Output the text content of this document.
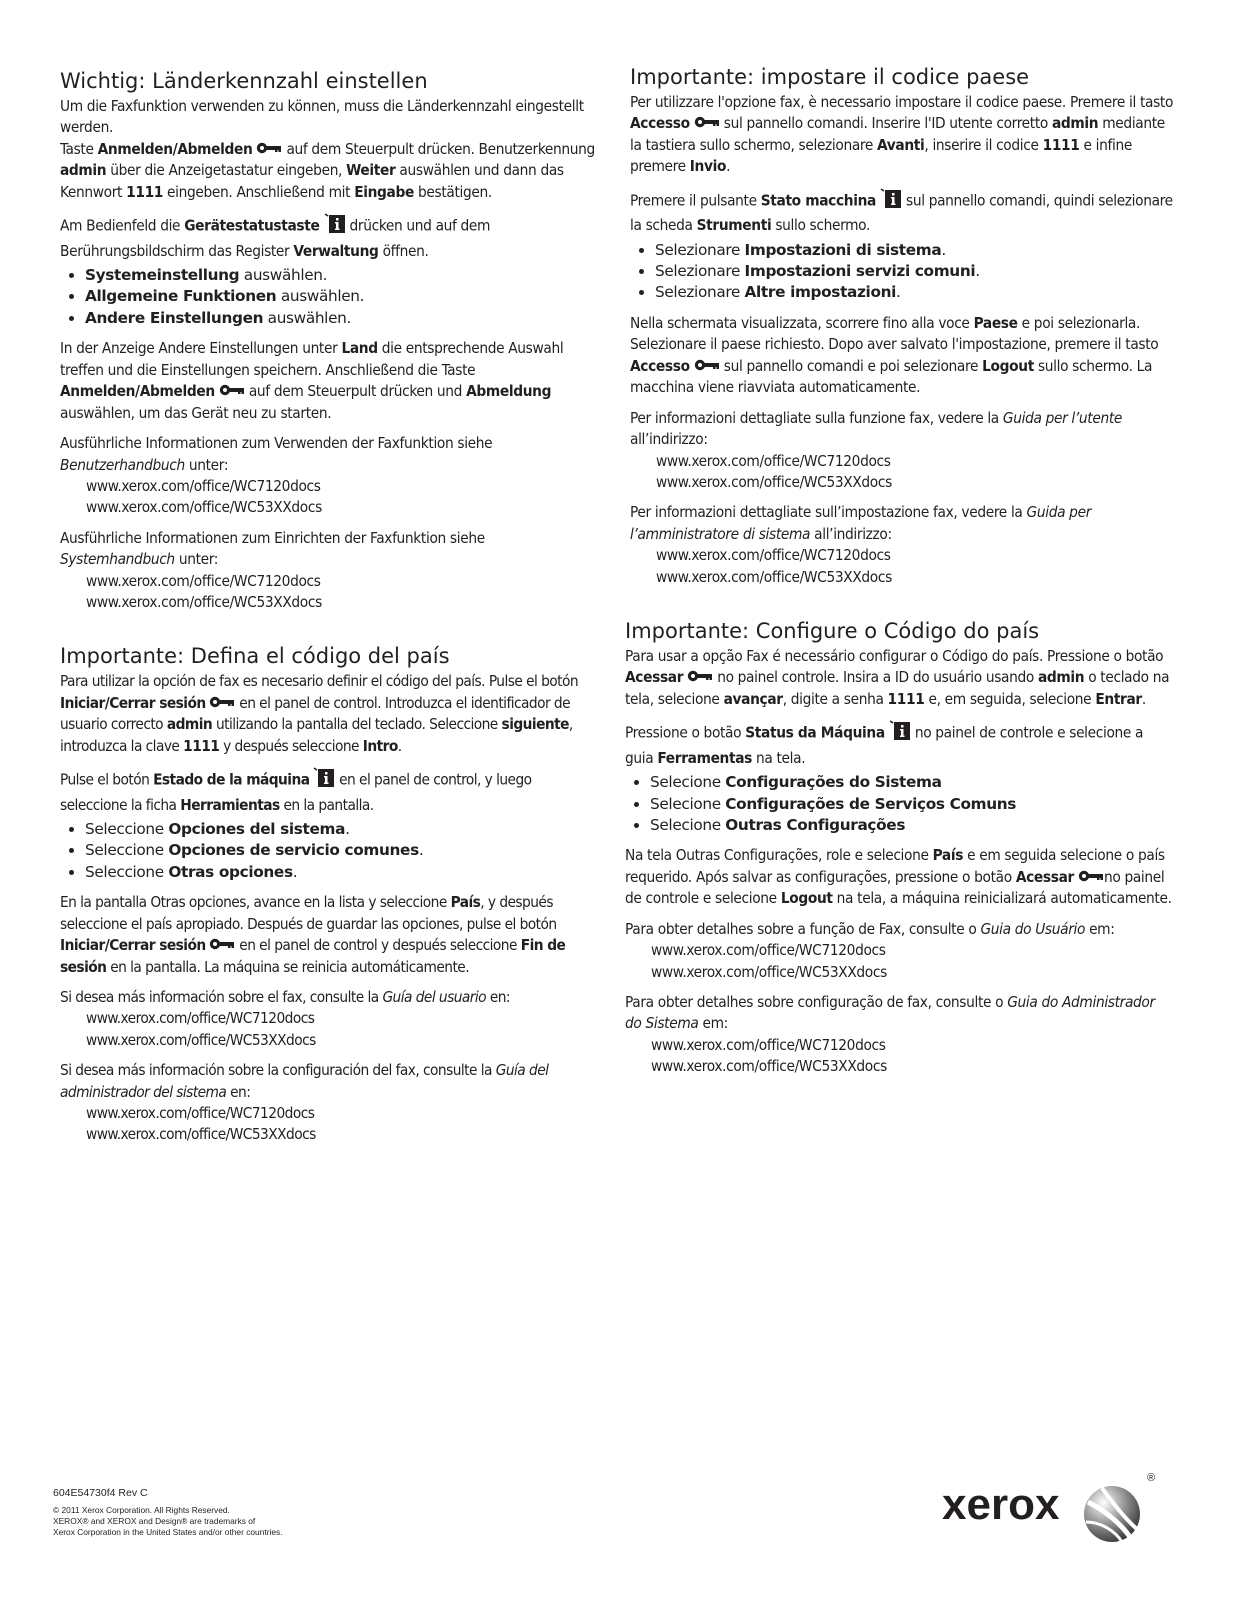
Wichtig: Länderkennzahl einstellen

Um die Faxfunktion verwenden zu können, muss die Länderkennzahl eingestellt werden.

Taste Anmelden/Abmelden  auf dem Steuerpult drücken. Benutzerkennung admin über die Anzeigetastatur eingeben, Weiter auswählen und dann das Kennwort 1111 eingeben. Anschließend mit Eingabe bestätigen.

Am Bedienfeld die Gerätestatustaste  drücken und auf dem Berührungsbildschirm das Register Verwaltung öffnen.

• Systemeinstellung auswählen.
• Allgemeine Funktionen auswählen.
• Andere Einstellungen auswählen.

In der Anzeige Andere Einstellungen unter Land die entsprechende Auswahl treffen und die Einstellungen speichern. Anschließend die Taste Anmelden/Abmelden  auf dem Steuerpult drücken und Abmeldung auswählen, um das Gerät neu zu starten.

Ausführliche Informationen zum Verwenden der Faxfunktion siehe Benutzerhandbuch unter:
www.xerox.com/office/WC7120docs
www.xerox.com/office/WC53XXdocs

Ausführliche Informationen zum Einrichten der Faxfunktion siehe Systemhandbuch unter:
www.xerox.com/office/WC7120docs
www.xerox.com/office/WC53XXdocs

Importante: Defina el código del país

Para utilizar la opción de fax es necesario definir el código del país. Pulse el botón Iniciar/Cerrar sesión  en el panel de control. Introduzca el identificador de usuario correcto admin utilizando la pantalla del teclado. Seleccione siguiente, introduzca la clave 1111 y después seleccione Intro.

Pulse el botón Estado de la máquina  en el panel de control, y luego seleccione la ficha Herramientas en la pantalla.

• Seleccione Opciones del sistema.
• Seleccione Opciones de servicio comunes.
• Seleccione Otras opciones.

En la pantalla Otras opciones, avance en la lista y seleccione País, y después seleccione el país apropiado. Después de guardar las opciones, pulse el botón Iniciar/Cerrar sesión  en el panel de control y después seleccione Fin de sesión en la pantalla. La máquina se reinicia automáticamente.

Si desea más información sobre el fax, consulte la Guía del usuario en:
www.xerox.com/office/WC7120docs
www.xerox.com/office/WC53XXdocs

Si desea más información sobre la configuración del fax, consulte la Guía del administrador del sistema en:
www.xerox.com/office/WC7120docs
www.xerox.com/office/WC53XXdocs

Importante: impostare il codice paese

Per utilizzare l'opzione fax, è necessario impostare il codice paese. Premere il tasto Accesso  sul pannello comandi. Inserire l'ID utente corretto admin mediante la tastiera sullo schermo, selezionare Avanti, inserire il codice 1111 e infine premere Invio.

Premere il pulsante Stato macchina  sul pannello comandi, quindi selezionare la scheda Strumenti sullo schermo.

• Selezionare Impostazioni di sistema.
• Selezionare Impostazioni servizi comuni.
• Selezionare Altre impostazioni.

Nella schermata visualizzata, scorrere fino alla voce Paese e poi selezionarla. Selezionare il paese richiesto. Dopo aver salvato l'impostazione, premere il tasto Accesso  sul pannello comandi e poi selezionare Logout sullo schermo. La macchina viene riavviata automaticamente.

Per informazioni dettagliate sulla funzione fax, vedere la Guida per l’utente all’indirizzo:
www.xerox.com/office/WC7120docs
www.xerox.com/office/WC53XXdocs

Per informazioni dettagliate sull’impostazione fax, vedere la Guida per l’amministratore di sistema all’indirizzo:
www.xerox.com/office/WC7120docs
www.xerox.com/office/WC53XXdocs

Importante: Configure o Código do país

Para usar a opção Fax é necessário configurar o Código do país. Pressione o botão Acessar  no painel controle. Insira a ID do usuário usando admin o teclado na tela, selecione avançar, digite a senha 1111 e, em seguida, selecione Entrar.

Pressione o botão Status da Máquina  no painel de controle e selecione a guia Ferramentas na tela.

• Selecione Configurações do Sistema
• Selecione Configurações de Serviços Comuns
• Selecione Outras Configurações

Na tela Outras Configurações, role e selecione País e em seguida selecione o país requerido. Após salvar as configurações, pressione o botão Acessar no painel de controle e selecione Logout na tela, a máquina reinicializará automaticamente.

Para obter detalhes sobre a função de Fax, consulte o Guia do Usuário em:
www.xerox.com/office/WC7120docs
www.xerox.com/office/WC53XXdocs

Para obter detalhes sobre configuração de fax, consulte o Guia do Administrador do Sistema em:
www.xerox.com/office/WC7120docs
www.xerox.com/office/WC53XXdocs

604E54730f4 Rev C
© 2011 Xerox Corporation. All Rights Reserved.
XEROX® and XEROX and Design® are trademarks of
Xerox Corporation in the United States and/or other countries.
xerox
®
